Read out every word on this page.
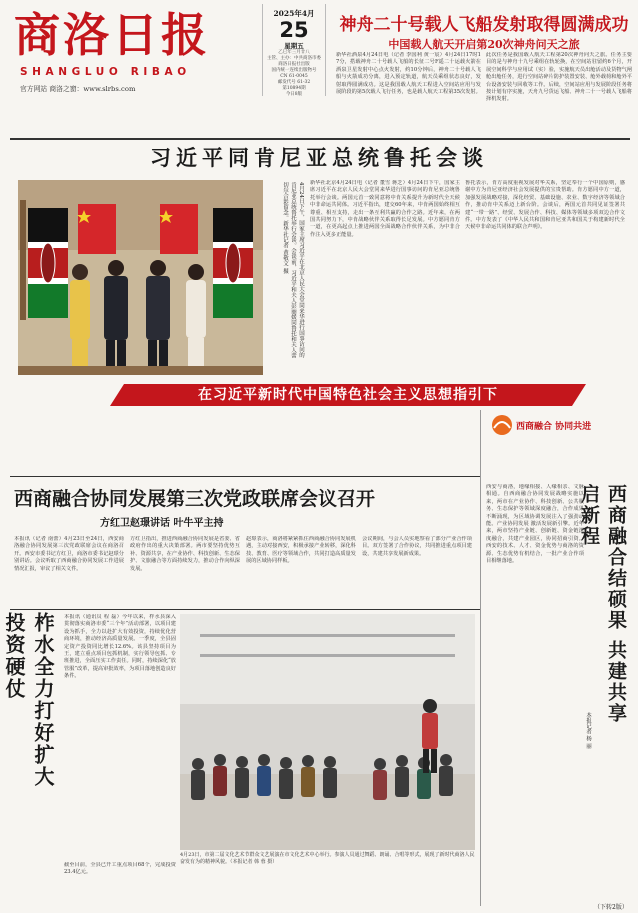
商洛日报
SHANGLUO RIBAO
官方网站 商洛之窗：www.slrbs.com
2025年4月
25
星期五
乙巳年三月廿八
主管、主办：中共商洛市委
商洛日报社出版
国内统一连续出版物号
CN 61-0045
邮发代号 61-32
第10894期
今日8版
神舟二十号载人飞船发射取得圆满成功
中国载人航天开启第20次神舟问天之旅
新华社酒泉4月24日电（记者 李国利 黄一宸）4月24日17时17分，搭载神舟二十号载人飞船的长征二号F遥二十运载火箭在酒泉卫星发射中心点火发射，约10分钟后，神舟二十号载人飞船与火箭成功分离，进入预定轨道，航天员乘组状态良好，发射取得圆满成功。这是我国载人航天工程进入空间站应用与发展阶段的第5次载人飞行任务，也是载人航天工程第35次发射。
此次任务是我国载人航天工程第20次神舟问天之旅。任务主要目的是与神舟十九号乘组在轨轮换，在空间站驻留约6个月，开展空间科学与应用试（实）验，实施航天员出舱活动及货物气闸舱出舱任务，进行空间站碎片防护装置安装、舱外载荷和舱外平台设备安装与回收等工作。后续，空间站应用与发展阶段任务将按计划有序实施，天舟九号货运飞船、神舟二十一号载人飞船将择机发射。
习近平同肯尼亚总统鲁托会谈
4月24日下午，国家主席习近平在北京人民大会堂同来华进行国事访问的肯尼亚总统鲁托举行会谈。会谈前，习近平和夫人彭丽媛同鲁托和夫人蕾切尔合影留念。新华社记者 黄敬文 摄	新华社北京4月24日电（记者 董雪 蒋芝）4月24日下午，国家主席习近平在北京人民大会堂同来华进行国事访问的肯尼亚总统鲁托举行会谈。两国元首一致同意将中肯关系提升为新时代全天候中非命运共同体。习近平指出，建交60年来，中肯两国始终相互尊重、相互支持，走出一条互利共赢的合作之路。近年来，在两国共同努力下，中肯战略伙伴关系取得长足发展。中方愿同肯方一道，在更高起点上推进两国全面战略合作伙伴关系，为中非合作注入更多正能量。
鲁托表示，肯方高度重视发展对华关系，坚定奉行一个中国原则，感谢中方为肯尼亚经济社会发展提供的宝贵帮助。肯方愿同中方一道，加强发展战略对接，深化经贸、基础设施、农业、数字经济等领域合作，推动肯中关系迈上新台阶。会谈后，两国元首共同见证签署共建“一带一路”、经贸、发展合作、科技、媒体等领域多项双边合作文件。中方发表了《中华人民共和国和肯尼亚共和国关于构建新时代全天候中非命运共同体的联合声明》。
在习近平新时代中国特色社会主义思想指引下
西商融合协同发展第三次党政联席会议召开
方红卫赵璟讲话 叶牛平主持
本报讯（记者 南蕾）4月23日至24日，西安商洛融合协同发展第三次党政联席会议在商洛召开。西安市委书记方红卫，商洛市委书记赵璟分别讲话。会议听取了西商融合协同发展工作进展情况汇报，审议了相关文件。
方红卫指出，推进西商融合协同发展是省委、省政府作出的重大决策部署。两市要坚持优势互补、资源共享，在产业协作、科技创新、生态保护、文旅融合等方面持续发力，推动合作向纵深发展。
赵璟表示，商洛将紧紧抓住西商融合协同发展机遇，主动对接西安，积极承接产业转移，深化科技、教育、医疗等领域合作，共同打造高质量发展的区域协同样板。
会议期间，与会人员实地察看了部分产业合作项目。双方签署了合作协议，共同推进重点项目建设，共建共享发展新成果。
柞水全力打好扩大投资硬仗	本报讯（通讯员 程 磊）今年以来，柞水县深入贯彻落实商洛市委“三个年”活动部署，以项目建设为抓手，全力以赴扩大有效投资，持续优化营商环境，推动经济高质量发展。一季度，全县固定资产投资同比增长12.6%。该县坚持项目为王，建立重点项目包抓机制，实行领导包抓、专班推进，全面压实工作责任。同时，持续深化“放管服”改革，提高审批效率，为项目落地创造良好条件。
截至目前，全县已开工重点项目68个，完成投资23.4亿元。
4月23日，市第二届文化艺术节群众文艺展演在市文化艺术中心举行。参演人员通过舞蹈、朗诵、合唱等形式，展现了新时代商洛人民奋发有为的精神风貌。（本报记者 韩 蓉 摄）
西商融合 协同共进
西商融合结硕果 共建共享启新程
本报记者 杨 丽
西安与商洛，地缘相接、人缘相亲、文脉相通。自西商融合协同发展战略实施以来，两市在产业协作、科技创新、公共服务、生态保护等领域深度融合，合作成果不断涌现，为区域协调发展注入了强劲动能。产业协同发展 激活发展新引擎。近年来，两市坚持产业链、创新链、资金链深度融合，共建产业园区，协同招商引资。西安的技术、人才、资金优势与商洛的资源、生态优势有机结合，一批产业合作项目相继落地。
（下转2版）
